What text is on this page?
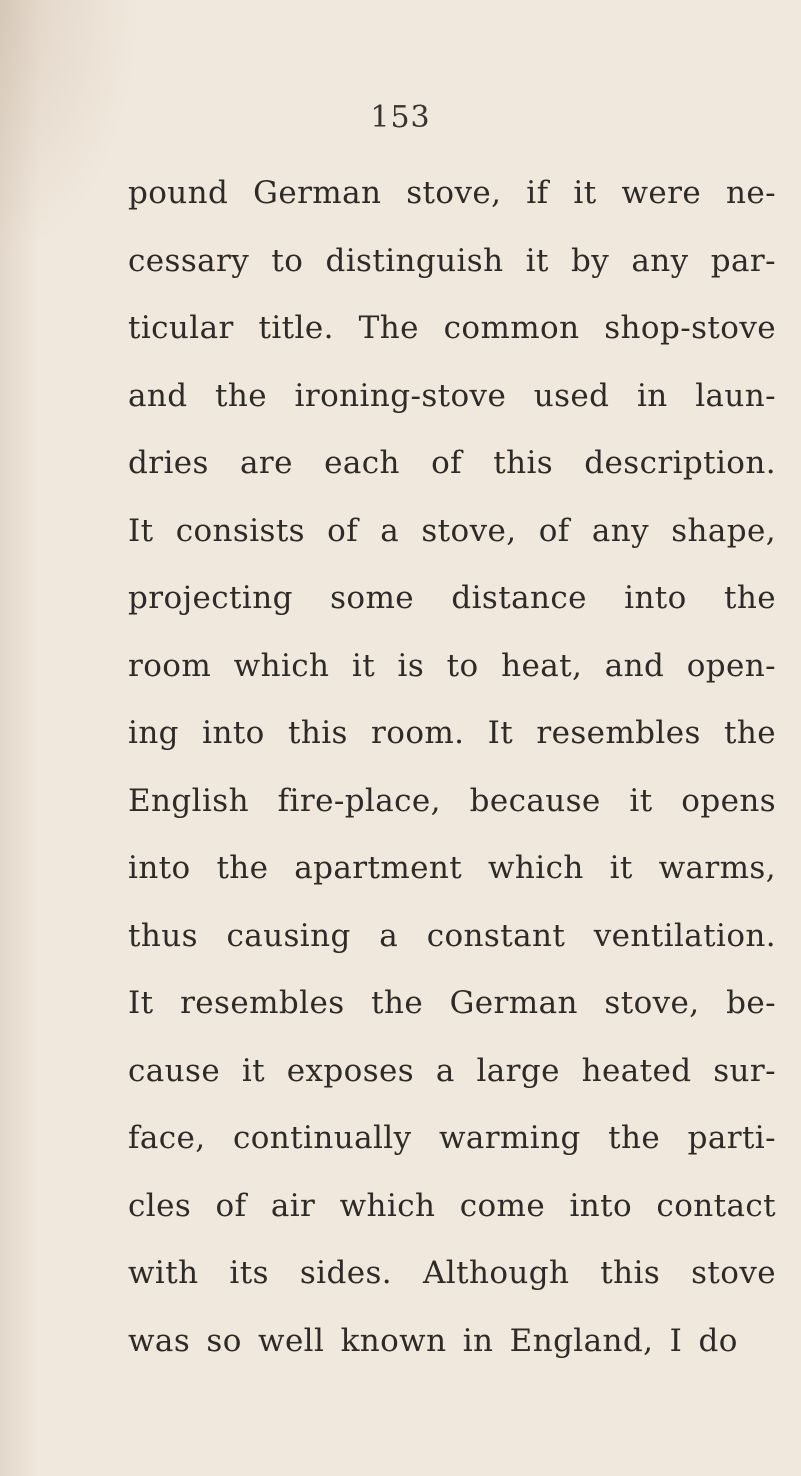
153
pound German stove, if it were ne-
cessary to distinguish it by any par-
ticular title. The common shop-stove
and the ironing-stove used in laun-
dries are each of this description.
It consists of a stove, of any shape,
projecting some distance into the
room which it is to heat, and open-
ing into this room. It resembles the
English fire-place, because it opens
into the apartment which it warms,
thus causing a constant ventilation.
It resembles the German stove, be-
cause it exposes a large heated sur-
face, continually warming the parti-
cles of air which come into contact
with its sides. Although this stove
was so well known in England, I do
